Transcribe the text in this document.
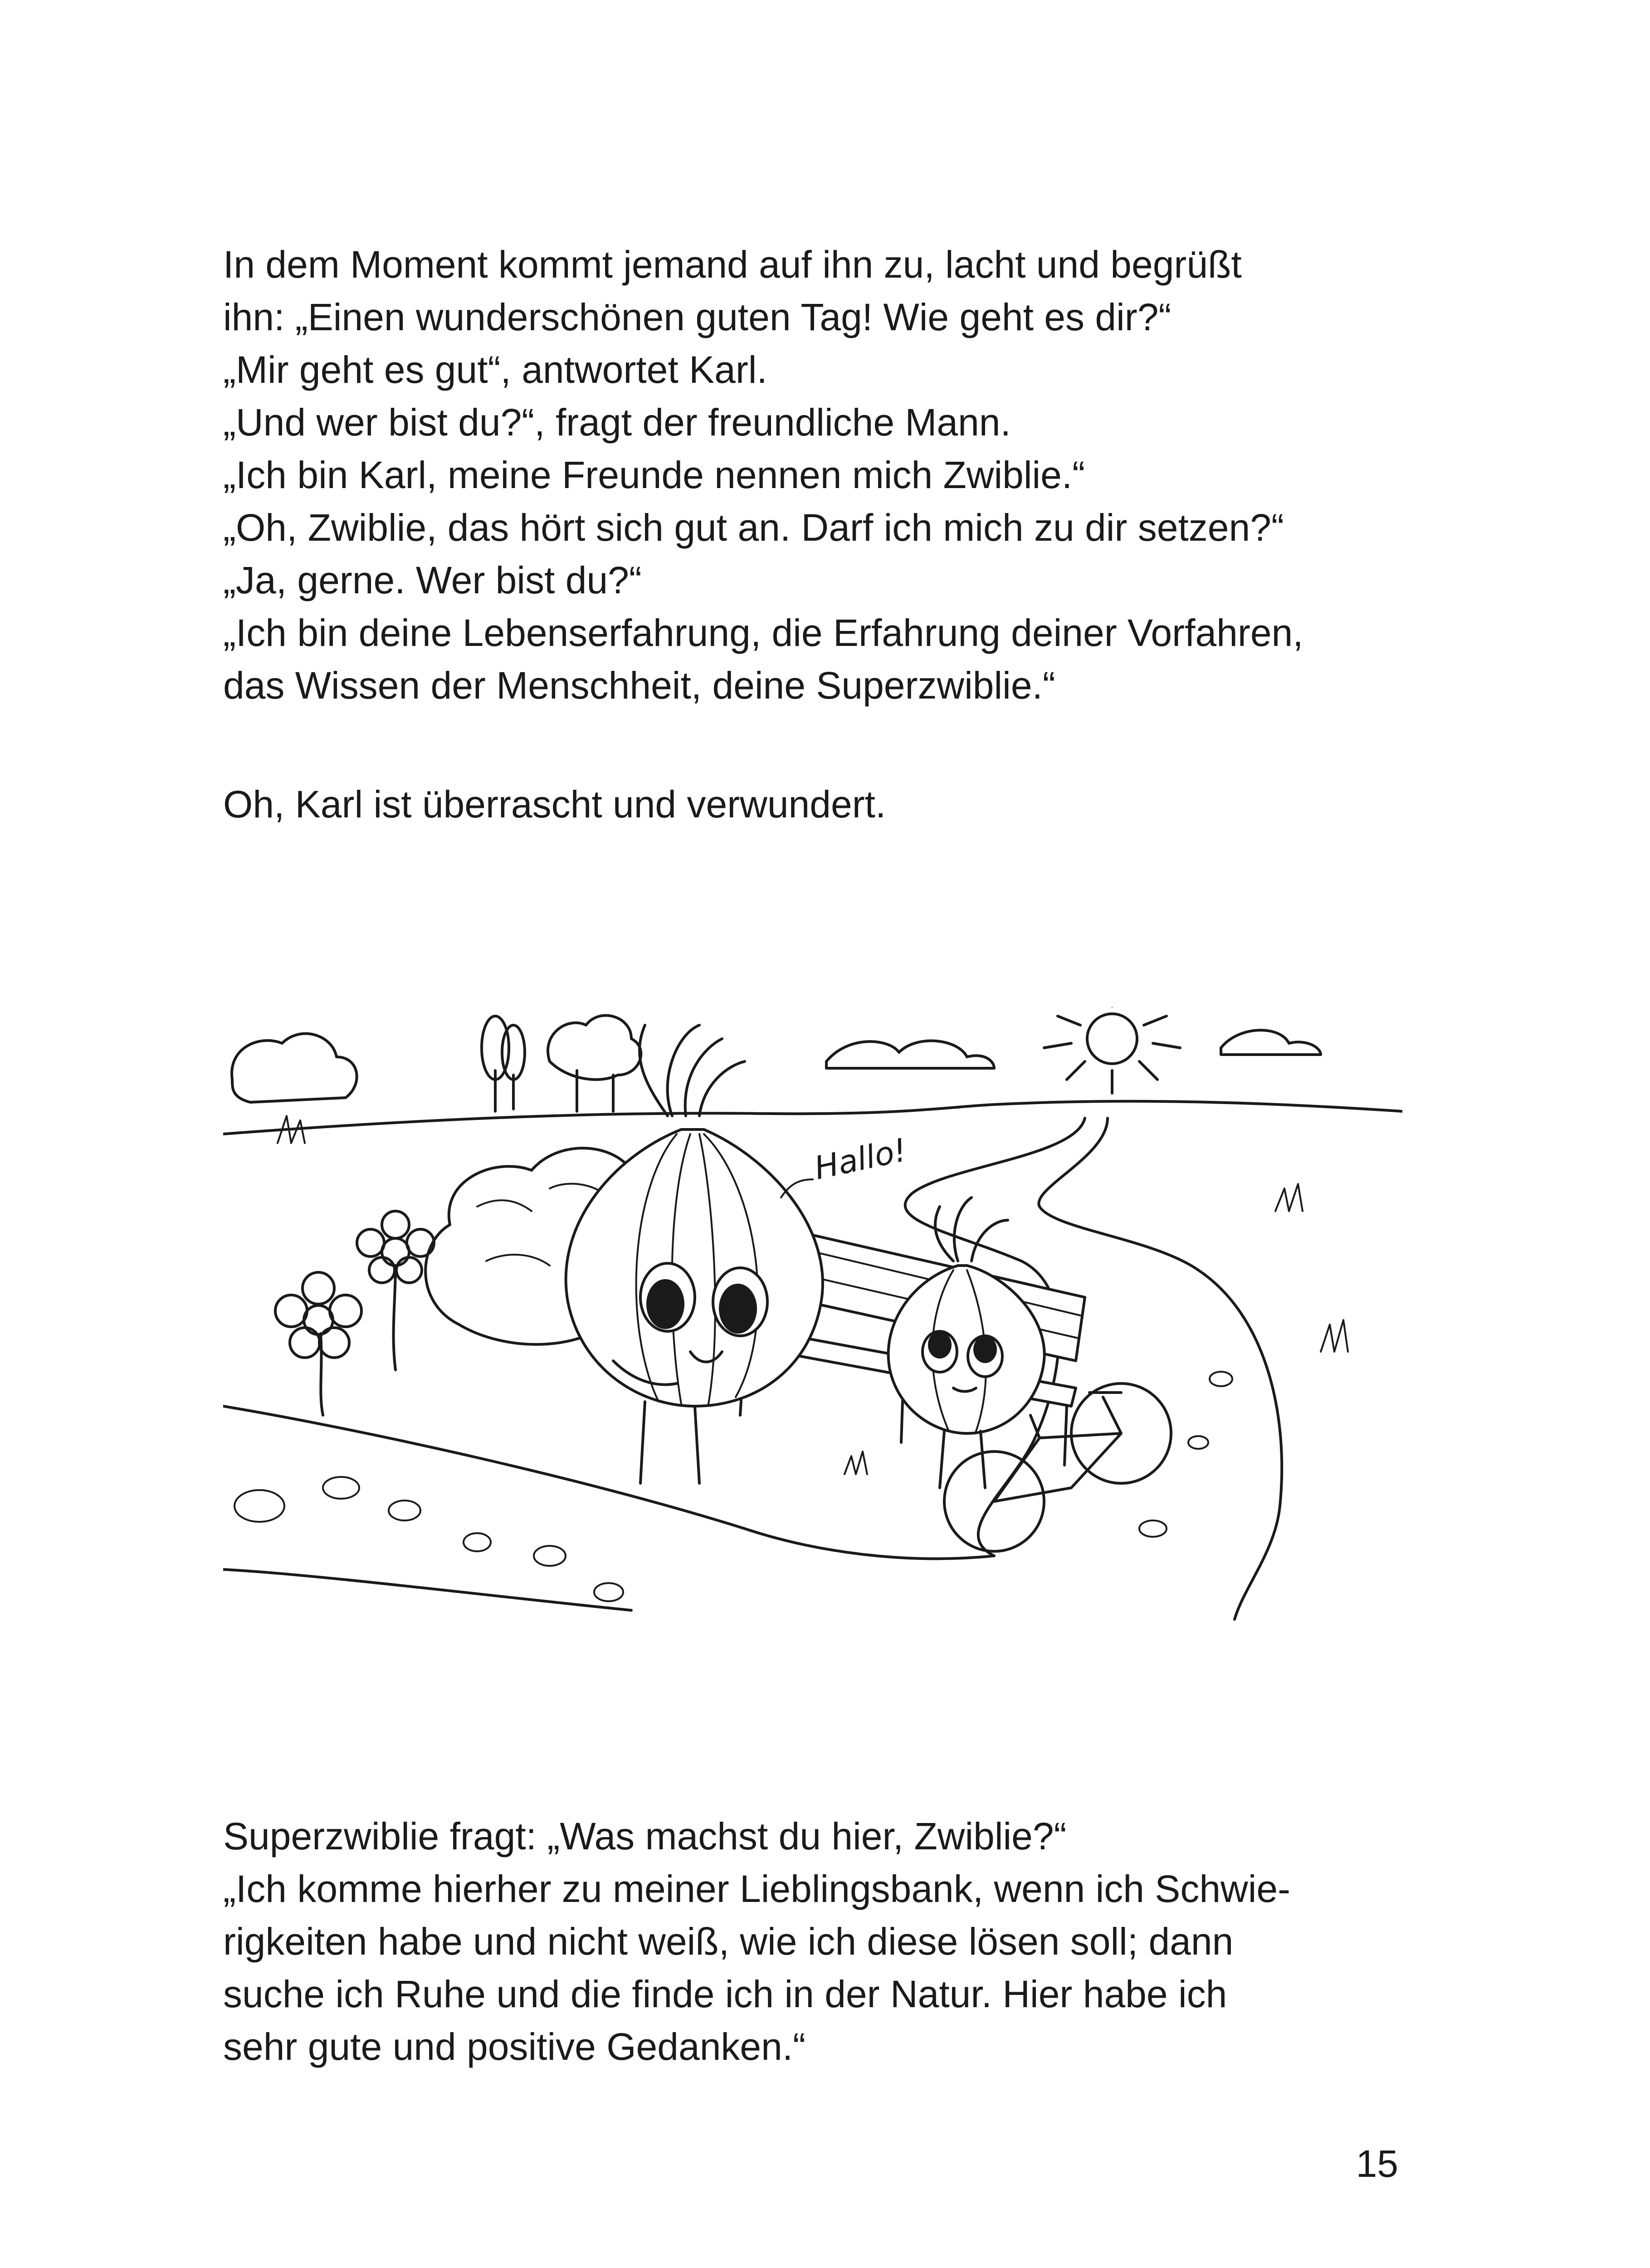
In dem Moment kommt jemand auf ihn zu, lacht und begrüßt

ihn: „Einen wunderschönen guten Tag! Wie geht es dir?“

„Mir geht es gut“, antwortet Karl.

„Und wer bist du?“, fragt der freundliche Mann.

„Ich bin Karl, meine Freunde nennen mich Zwiblie.“

„Oh, Zwiblie, das hört sich gut an. Darf ich mich zu dir setzen?“

„Ja, gerne. Wer bist du?“

„Ich bin deine Lebenserfahrung, die Erfahrung deiner Vorfahren,

das Wissen der Menschheit, deine Superzwiblie.“

Oh, Karl ist überrascht und verwundert.

Hallo!

Superzwiblie fragt: „Was machst du hier, Zwiblie?“

„Ich komme hierher zu meiner Lieblingsbank, wenn ich Schwie-

rigkeiten habe und nicht weiß, wie ich diese lösen soll; dann

suche ich Ruhe und die finde ich in der Natur. Hier habe ich

sehr gute und positive Gedanken.“

15
